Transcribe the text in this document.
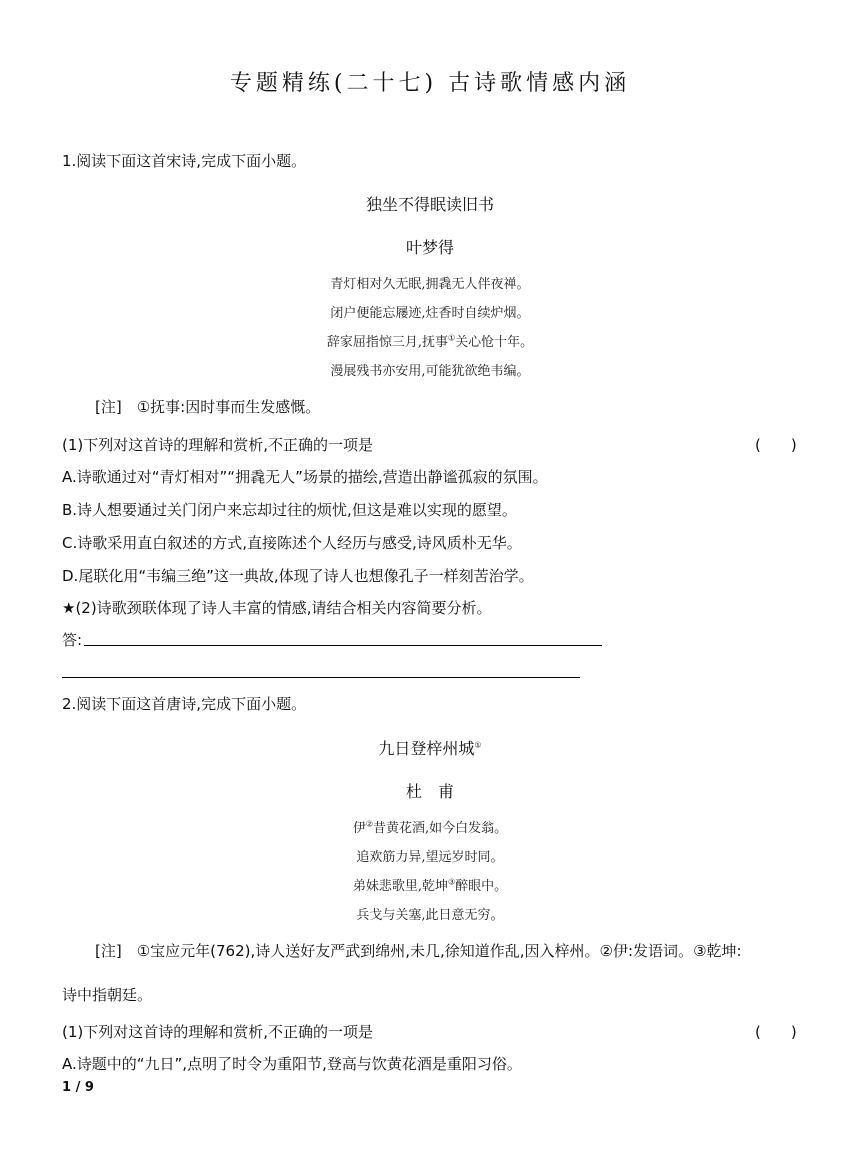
专题精练(二十七) 古诗歌情感内涵
1.阅读下面这首宋诗,完成下面小题。
独坐不得眠读旧书
叶梦得
青灯相对久无眠,拥毳无人伴夜禅。
闭户便能忘屦迹,炷香时自续炉烟。
辞家屈指惊三月,抚事①关心怆十年。
漫展残书亦安用,可能犹欲绝韦编。
[注]　①抚事:因时事而生发感慨。
(1)下列对这首诗的理解和赏析,不正确的一项是	(　　)
A.诗歌通过对“青灯相对”“拥毳无人”场景的描绘,营造出静谧孤寂的氛围。
B.诗人想要通过关门闭户来忘却过往的烦忧,但这是难以实现的愿望。
C.诗歌采用直白叙述的方式,直接陈述个人经历与感受,诗风质朴无华。
D.尾联化用“韦编三绝”这一典故,体现了诗人也想像孔子一样刻苦治学。
★(2)诗歌颈联体现了诗人丰富的情感,请结合相关内容简要分析。
答:
2.阅读下面这首唐诗,完成下面小题。
九日登梓州城①
杜　甫
伊②昔黄花酒,如今白发翁。
追欢筋力异,望远岁时同。
弟妹悲歌里,乾坤③醉眼中。
兵戈与关塞,此日意无穷。
[注]　①宝应元年(762),诗人送好友严武到绵州,未几,徐知道作乱,因入梓州。②伊:发语词。③乾坤:
诗中指朝廷。
(1)下列对这首诗的理解和赏析,不正确的一项是	(　　)
A.诗题中的“九日”,点明了时令为重阳节,登高与饮黄花酒是重阳习俗。
1 / 9
